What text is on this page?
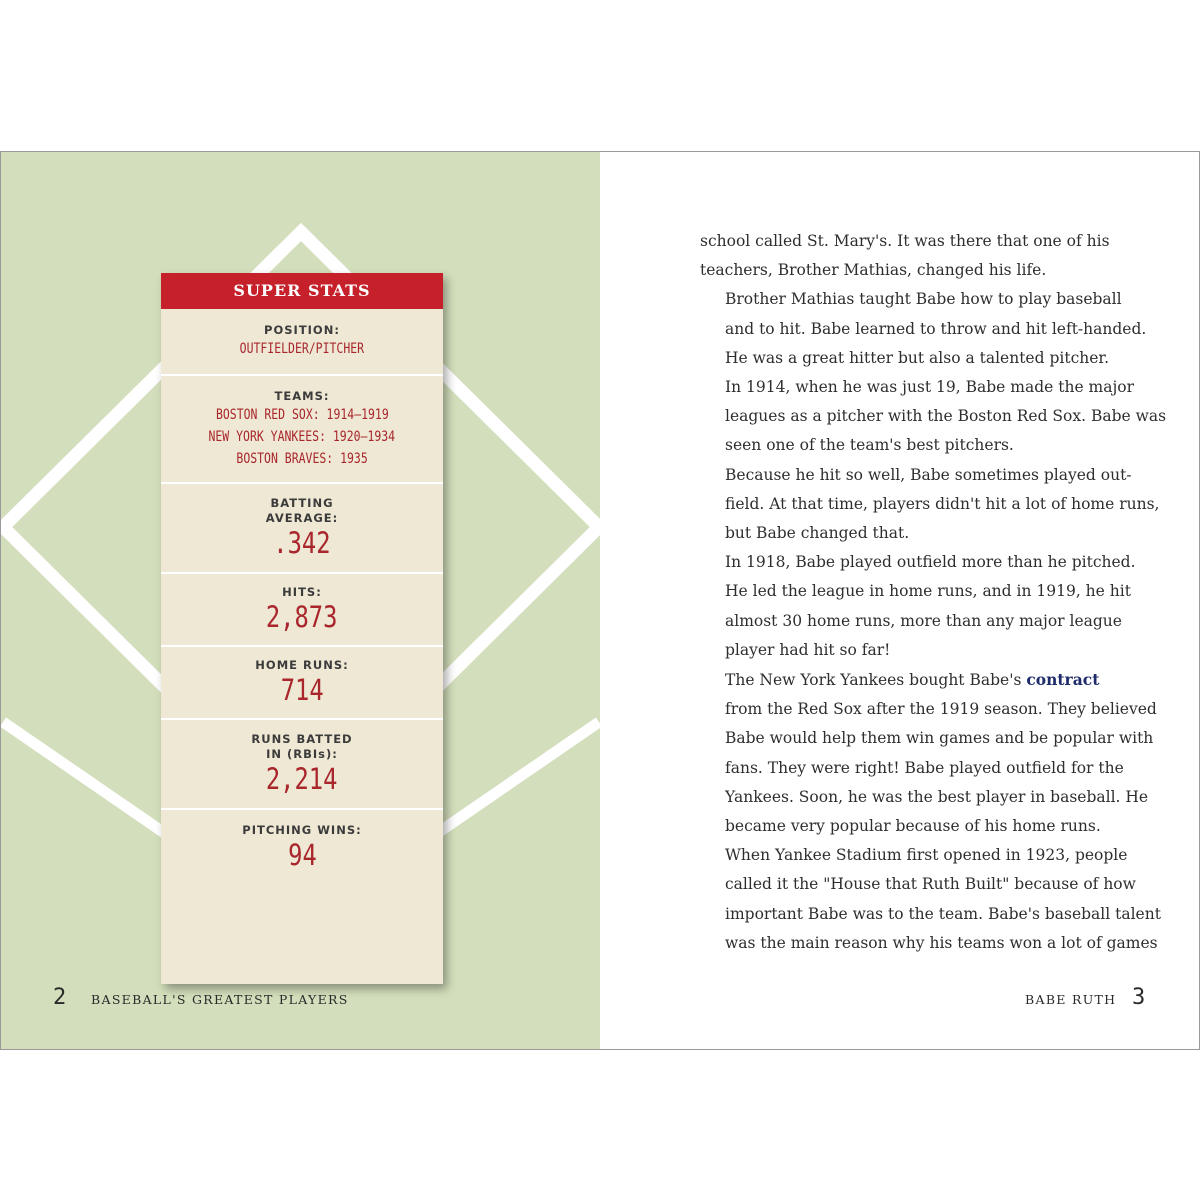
SUPER STATS
POSITION:
OUTFIELDER/PITCHER
TEAMS:
BOSTON RED SOX: 1914–1919
NEW YORK YANKEES: 1920–1934
BOSTON BRAVES: 1935
BATTING
AVERAGE:
.342
HITS:
2,873
HOME RUNS:
714
RUNS BATTED
IN (RBIs):
2,214
PITCHING WINS:
94
2 BASEBALL'S GREATEST PLAYERS

school called St. Mary's. It was there that one of his
teachers, Brother Mathias, changed his life.

Brother Mathias taught Babe how to play baseball
and to hit. Babe learned to throw and hit left-handed.
He was a great hitter but also a talented pitcher.

In 1914, when he was just 19, Babe made the major
leagues as a pitcher with the Boston Red Sox. Babe was
seen one of the team's best pitchers.

Because he hit so well, Babe sometimes played out-
field. At that time, players didn't hit a lot of home runs,
but Babe changed that.

In 1918, Babe played outfield more than he pitched.
He led the league in home runs, and in 1919, he hit
almost 30 home runs, more than any major league
player had hit so far!

The New York Yankees bought Babe's contract
from the Red Sox after the 1919 season. They believed
Babe would help them win games and be popular with
fans. They were right! Babe played outfield for the
Yankees. Soon, he was the best player in baseball. He
became very popular because of his home runs.

When Yankee Stadium first opened in 1923, people
called it the "House that Ruth Built" because of how
important Babe was to the team. Babe's baseball talent
was the main reason why his teams won a lot of games

BABE RUTH 3
